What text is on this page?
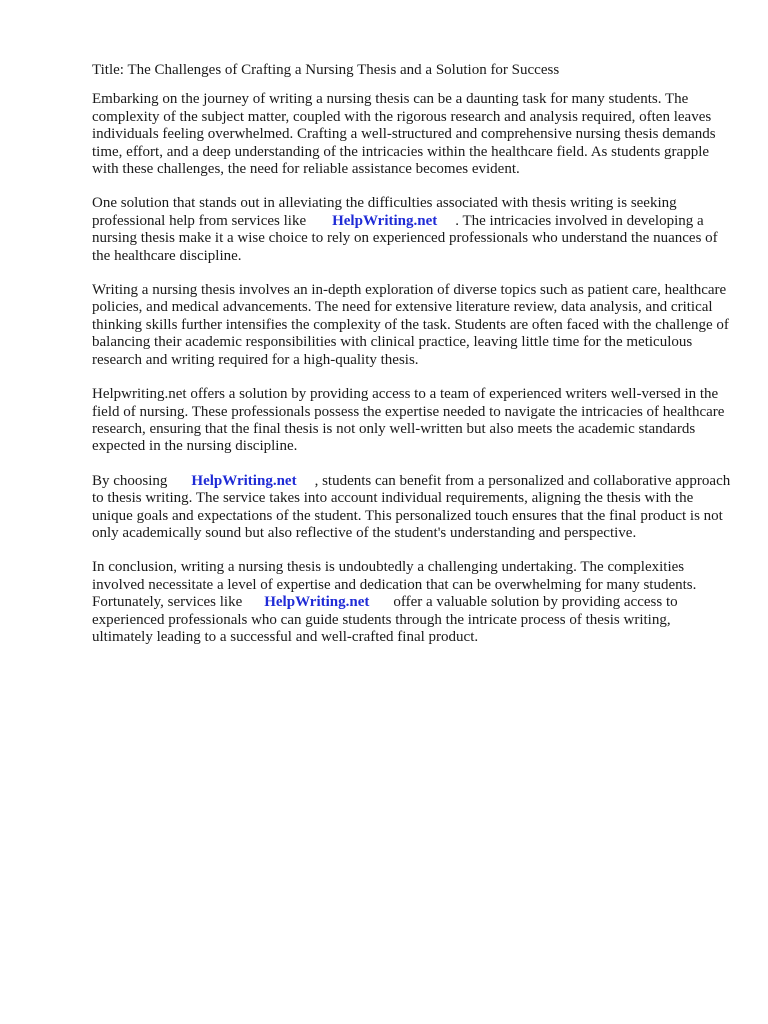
Title: The Challenges of Crafting a Nursing Thesis and a Solution for Success

Embarking on the journey of writing a nursing thesis can be a daunting task for many students. The complexity of the subject matter, coupled with the rigorous research and analysis required, often leaves individuals feeling overwhelmed. Crafting a well-structured and comprehensive nursing thesis demands time, effort, and a deep understanding of the intricacies within the healthcare field. As students grapple with these challenges, the need for reliable assistance becomes evident.

One solution that stands out in alleviating the difficulties associated with thesis writing is seeking professional help from services like HelpWriting.net . The intricacies involved in developing a nursing thesis make it a wise choice to rely on experienced professionals who understand the nuances of the healthcare discipline.

Writing a nursing thesis involves an in-depth exploration of diverse topics such as patient care, healthcare policies, and medical advancements. The need for extensive literature review, data analysis, and critical thinking skills further intensifies the complexity of the task. Students are often faced with the challenge of balancing their academic responsibilities with clinical practice, leaving little time for the meticulous research and writing required for a high-quality thesis.

Helpwriting.net offers a solution by providing access to a team of experienced writers well-versed in the field of nursing. These professionals possess the expertise needed to navigate the intricacies of healthcare research, ensuring that the final thesis is not only well-written but also meets the academic standards expected in the nursing discipline.

By choosing HelpWriting.net , students can benefit from a personalized and collaborative approach to thesis writing. The service takes into account individual requirements, aligning the thesis with the unique goals and expectations of the student. This personalized touch ensures that the final product is not only academically sound but also reflective of the student's understanding and perspective.

In conclusion, writing a nursing thesis is undoubtedly a challenging undertaking. The complexities involved necessitate a level of expertise and dedication that can be overwhelming for many students. Fortunately, services like HelpWriting.net offer a valuable solution by providing access to experienced professionals who can guide students through the intricate process of thesis writing, ultimately leading to a successful and well-crafted final product.
